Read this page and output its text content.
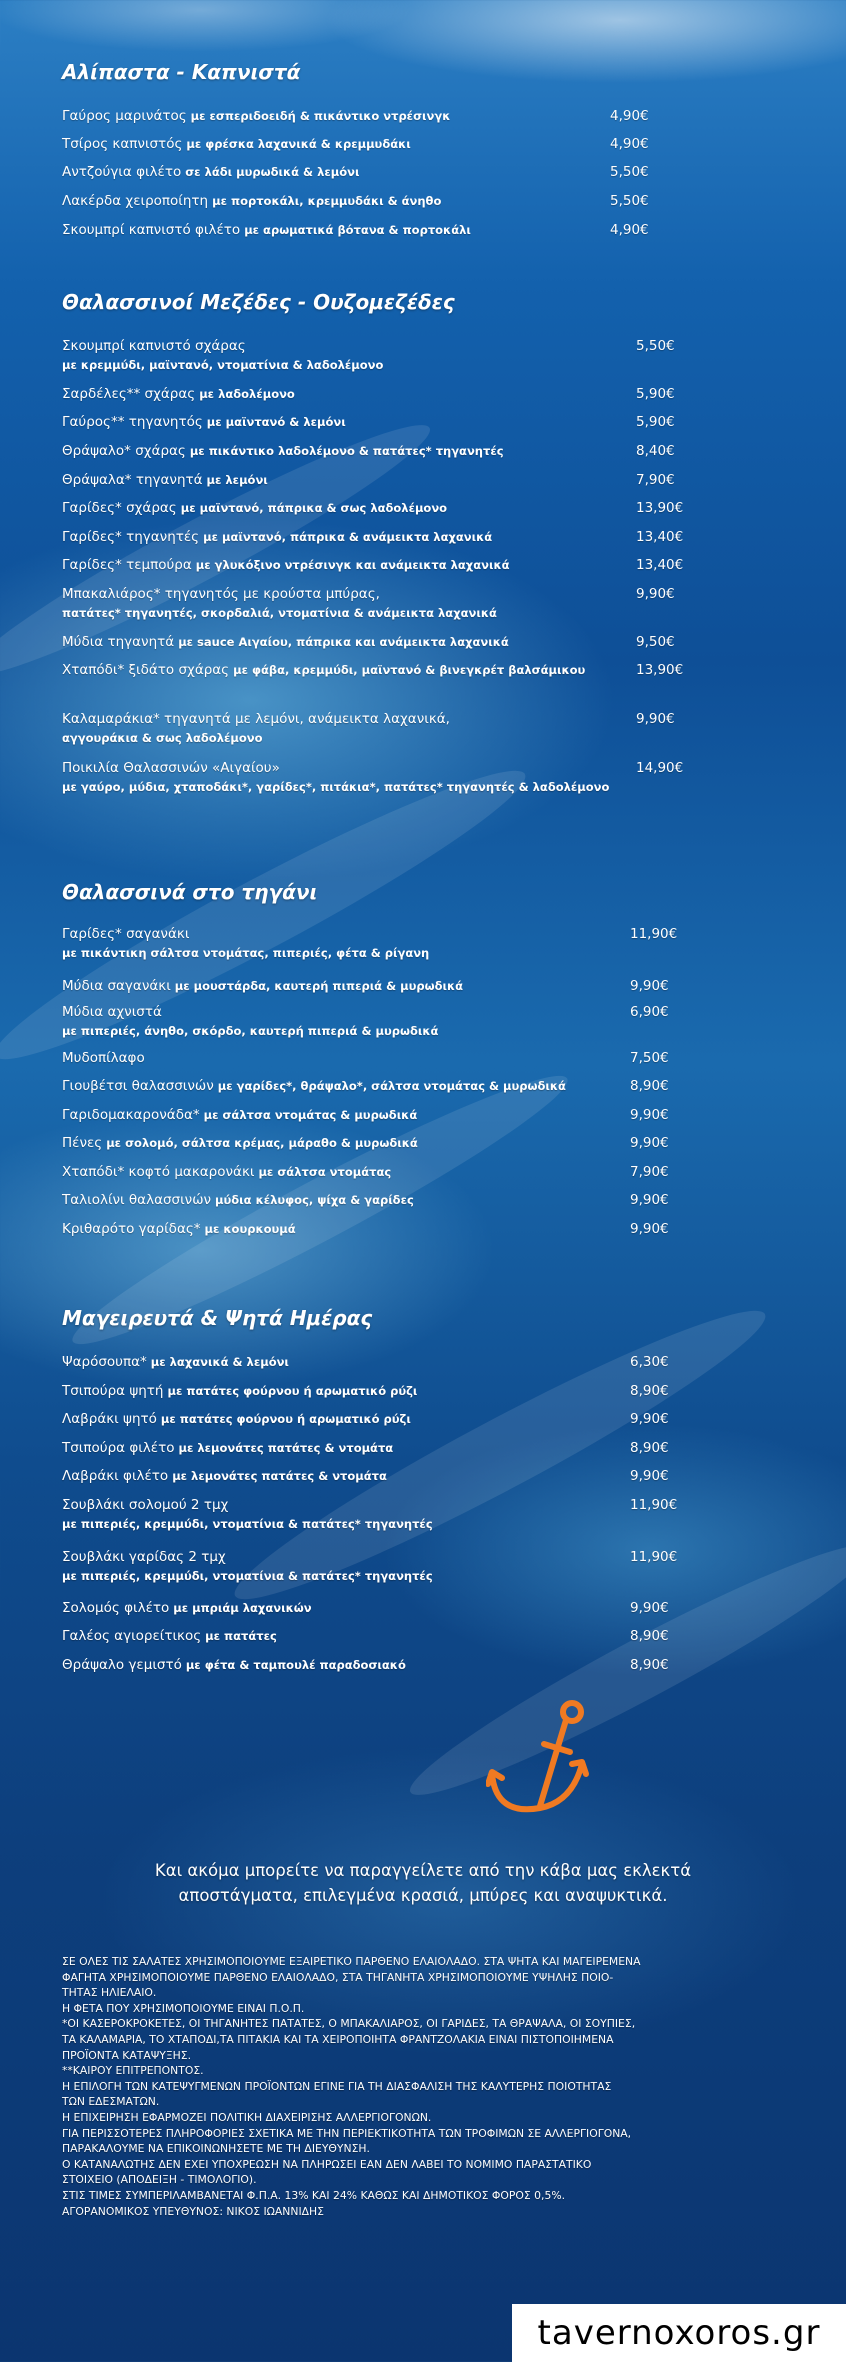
Αλίπαστα - Καπνιστά
Γαύρος μαρινάτος με εσπεριδοειδή & πικάντικο ντρέσινγκ	4,90€
Τσίρος καπνιστός με φρέσκα λαχανικά & κρεμμυδάκι	4,90€
Αντζούγια φιλέτο σε λάδι μυρωδικά & λεμόνι	5,50€
Λακέρδα χειροποίητη με πορτοκάλι, κρεμμυδάκι & άνηθο	5,50€
Σκουμπρί καπνιστό φιλέτο με αρωματικά βότανα & πορτοκάλι	4,90€
Θαλασσινοί Μεζέδες - Ουζομεζέδες
Σκουμπρί καπνιστό σχάρας
με κρεμμύδι, μαϊντανό, ντοματίνια & λαδολέμονο
5,50€
Σαρδέλες** σχάρας με λαδολέμονο	5,90€
Γαύρος** τηγανητός με μαϊντανό & λεμόνι	5,90€
Θράψαλο* σχάρας με πικάντικο λαδολέμονο & πατάτες* τηγανητές	8,40€
Θράψαλα* τηγανητά με λεμόνι	7,90€
Γαρίδες* σχάρας με μαϊντανό, πάπρικα & σως λαδολέμονο	13,90€
Γαρίδες* τηγανητές με μαϊντανό, πάπρικα & ανάμεικτα λαχανικά	13,40€
Γαρίδες* τεμπούρα με γλυκόξινο ντρέσινγκ και ανάμεικτα λαχανικά	13,40€
Μπακαλιάρος* τηγανητός με κρούστα μπύρας,
πατάτες* τηγανητές, σκορδαλιά, ντοματίνια & ανάμεικτα λαχανικά
9,90€
Μύδια τηγανητά με sauce Αιγαίου, πάπρικα και ανάμεικτα λαχανικά	9,50€
Χταπόδι* ξιδάτο σχάρας με φάβα, κρεμμύδι, μαϊντανό & βινεγκρέτ βαλσάμικου	13,90€
Καλαμαράκια* τηγανητά με λεμόνι, ανάμεικτα λαχανικά,
αγγουράκια & σως λαδολέμονο
9,90€
Ποικιλία Θαλασσινών «Αιγαίου»
με γαύρο, μύδια, χταποδάκι*, γαρίδες*, πιτάκια*, πατάτες* τηγανητές & λαδολέμονο
14,90€
Θαλασσινά στο τηγάνι
Γαρίδες* σαγανάκι
με πικάντικη σάλτσα ντομάτας, πιπεριές, φέτα & ρίγανη
11,90€
Μύδια σαγανάκι με μουστάρδα, καυτερή πιπεριά & μυρωδικά	9,90€
Μύδια αχνιστά
με πιπεριές, άνηθο, σκόρδο, καυτερή πιπεριά & μυρωδικά
6,90€
Μυδοπίλαφο	7,50€
Γιουβέτσι θαλασσινών με γαρίδες*, θράψαλο*, σάλτσα ντομάτας & μυρωδικά	8,90€
Γαριδομακαρονάδα* με σάλτσα ντομάτας & μυρωδικά	9,90€
Πένες με σολομό, σάλτσα κρέμας, μάραθο & μυρωδικά	9,90€
Χταπόδι* κοφτό μακαρονάκι με σάλτσα ντομάτας	7,90€
Ταλιολίνι θαλασσινών μύδια κέλυφος, ψίχα & γαρίδες	9,90€
Κριθαρότο γαρίδας* με κουρκουμά	9,90€
Μαγειρευτά & Ψητά Ημέρας
Ψαρόσουπα* με λαχανικά & λεμόνι	6,30€
Τσιπούρα ψητή με πατάτες φούρνου ή αρωματικό ρύζι	8,90€
Λαβράκι ψητό με πατάτες φούρνου ή αρωματικό ρύζι	9,90€
Τσιπούρα φιλέτο με λεμονάτες πατάτες & ντομάτα	8,90€
Λαβράκι φιλέτο με λεμονάτες πατάτες & ντομάτα	9,90€
Σουβλάκι σολομού 2 τμχ
με πιπεριές, κρεμμύδι, ντοματίνια & πατάτες* τηγανητές
11,90€
Σουβλάκι γαρίδας 2 τμχ
με πιπεριές, κρεμμύδι, ντοματίνια & πατάτες* τηγανητές
11,90€
Σολομός φιλέτο με μπριάμ λαχανικών	9,90€
Γαλέος αγιορείτικος με πατάτες	8,90€
Θράψαλο γεμιστό με φέτα & ταμπουλέ παραδοσιακό	8,90€
Και ακόμα μπορείτε να παραγγείλετε από την κάβα μας εκλεκτά
αποστάγματα, επιλεγμένα κρασιά, μπύρες και αναψυκτικά.
ΣΕ ΟΛΕΣ ΤΙΣ ΣΑΛΑΤΕΣ ΧΡΗΣΙΜΟΠΟΙΟΥΜΕ ΕΞΑΙΡΕΤΙΚΟ ΠΑΡΘΕΝΟ ΕΛΑΙΟΛΑΔΟ. ΣΤΑ ΨΗΤΑ ΚΑΙ ΜΑΓΕΙΡΕΜΕΝΑ
ΦΑΓΗΤΑ ΧΡΗΣΙΜΟΠΟΙΟΥΜΕ ΠΑΡΘΕΝΟ ΕΛΑΙΟΛΑΔΟ, ΣΤΑ ΤΗΓΑΝΗΤΑ ΧΡΗΣΙΜΟΠΟΙΟΥΜΕ ΥΨΗΛΗΣ ΠΟΙΟ-
ΤΗΤΑΣ ΗΛΙΕΛΑΙΟ.
Η ΦΕΤΑ ΠΟΥ ΧΡΗΣΙΜΟΠΟΙΟΥΜΕ ΕΙΝΑΙ Π.Ο.Π.
*ΟΙ ΚΑΣΕΡΟΚΡΟΚΕΤΕΣ, ΟΙ ΤΗΓΑΝΗΤΕΣ ΠΑΤΑΤΕΣ, Ο ΜΠΑΚΑΛΙΑΡΟΣ, ΟΙ ΓΑΡΙΔΕΣ, ΤΑ ΘΡΑΨΑΛΑ, ΟΙ ΣΟΥΠΙΕΣ,
ΤΑ ΚΑΛΑΜΑΡΙΑ, ΤΟ ΧΤΑΠΟΔΙ,ΤΑ ΠΙΤΑΚΙΑ ΚΑΙ ΤΑ ΧΕΙΡΟΠΟΙΗΤΑ ΦΡΑΝΤΖΟΛΑΚΙΑ ΕΙΝΑΙ ΠΙΣΤΟΠΟΙΗΜΕΝΑ
ΠΡΟΪΟΝΤΑ ΚΑΤΑΨΥΞΗΣ.
**ΚΑΙΡΟΥ ΕΠΙΤΡΕΠΟΝΤΟΣ.
Η ΕΠΙΛΟΓΗ ΤΩΝ ΚΑΤΕΨΥΓΜΕΝΩΝ ΠΡΟΪΟΝΤΩΝ ΕΓΙΝΕ ΓΙΑ ΤΗ ΔΙΑΣΦΑΛΙΣΗ ΤΗΣ ΚΑΛΥΤΕΡΗΣ ΠΟΙΟΤΗΤΑΣ
ΤΩΝ ΕΔΕΣΜΑΤΩΝ.
Η ΕΠΙΧΕΙΡΗΣΗ ΕΦΑΡΜΟΖΕΙ ΠΟΛΙΤΙΚΗ ΔΙΑΧΕΙΡΙΣΗΣ ΑΛΛΕΡΓΙΟΓΟΝΩΝ.
ΓΙΑ ΠΕΡΙΣΣΟΤΕΡΕΣ ΠΛΗΡΟΦΟΡΙΕΣ ΣΧΕΤΙΚΑ ΜΕ ΤΗΝ ΠΕΡΙΕΚΤΙΚΟΤΗΤΑ ΤΩΝ ΤΡΟΦΙΜΩΝ ΣΕ ΑΛΛΕΡΓΙΟΓΟΝΑ,
ΠΑΡΑΚΑΛΟΥΜΕ ΝΑ ΕΠΙΚΟΙΝΩΝΗΣΕΤΕ ΜΕ ΤΗ ΔΙΕΥΘΥΝΣΗ.
Ο ΚΑΤΑΝΑΛΩΤΗΣ ΔΕΝ ΕΧΕΙ ΥΠΟΧΡΕΩΣΗ ΝΑ ΠΛΗΡΩΣΕΙ ΕΑΝ ΔΕΝ ΛΑΒΕΙ ΤΟ ΝΟΜΙΜΟ ΠΑΡΑΣΤΑΤΙΚΟ
ΣΤΟΙΧΕΙΟ (ΑΠΟΔΕΙΞΗ - ΤΙΜΟΛΟΓΙΟ).
ΣΤΙΣ ΤΙΜΕΣ ΣΥΜΠΕΡΙΛΑΜΒΑΝΕΤΑΙ Φ.Π.Α. 13% ΚΑΙ 24% ΚΑΘΩΣ ΚΑΙ ΔΗΜΟΤΙΚΟΣ ΦΟΡΟΣ 0,5%.
ΑΓΟΡΑΝΟΜΙΚΟΣ ΥΠΕΥΘΥΝΟΣ: ΝΙΚΟΣ ΙΩΑΝΝΙΔΗΣ
tavernoxoros.gr
